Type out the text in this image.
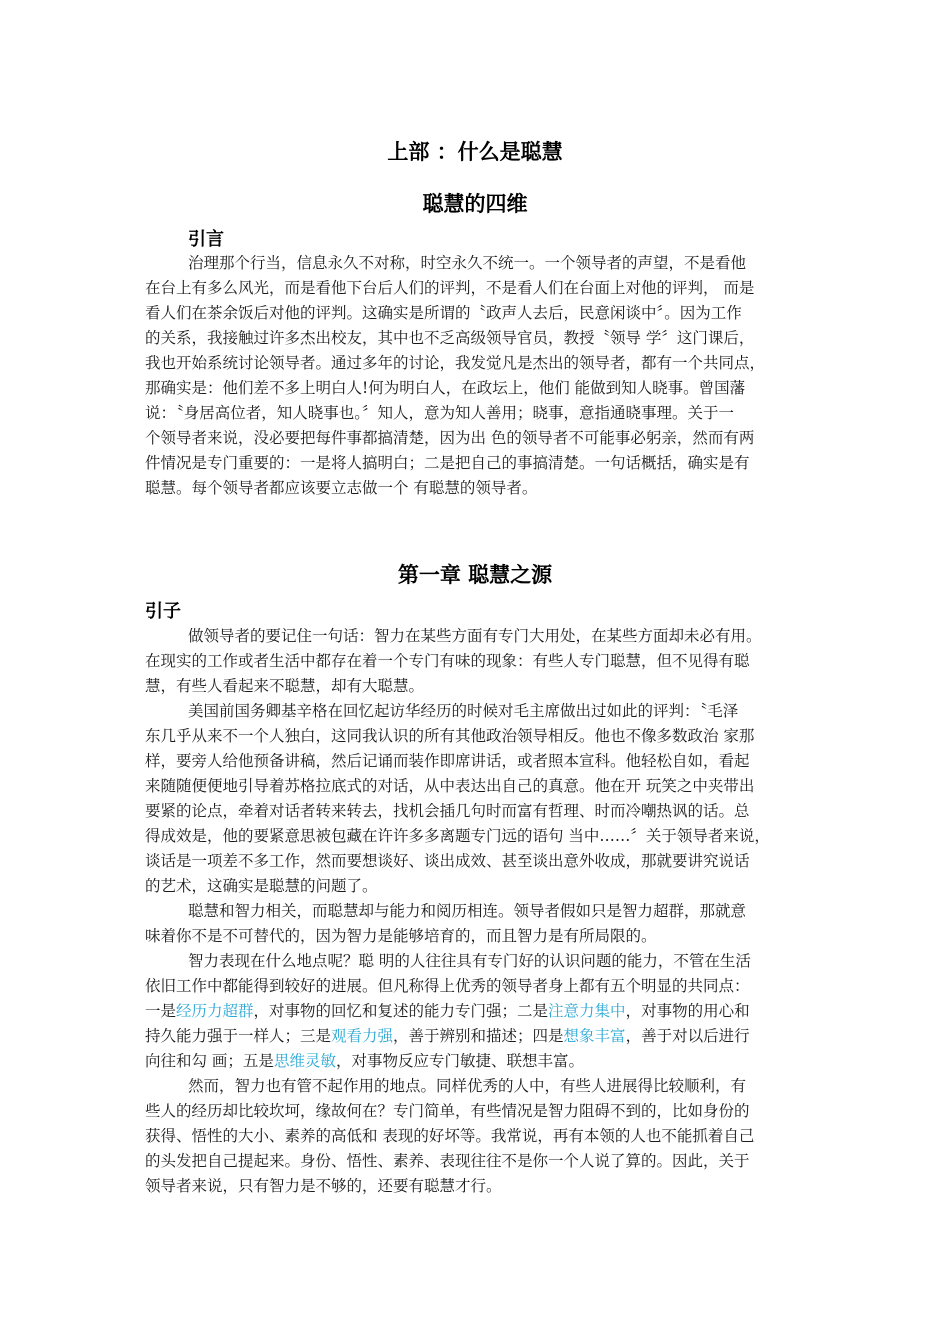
上部 ：什么是聪慧
聪慧的四维
引言
治理那个行当，信息永久不对称，时空永久不统一。一个领导者的声望，不是看他
在台上有多么风光，而是看他下台后人们的评判，不是看人们在台面上对他的评判， 而是
看人们在茶余饭后对他的评判。这确实是所谓的〝政声人去后，民意闲谈中〞。因为工作
的关系，我接触过许多杰出校友，其中也不乏高级领导官员，教授〝领导 学〞这门课后，
我也开始系统讨论领导者。通过多年的讨论，我发觉凡是杰出的领导者，都有一个共同点，
那确实是：他们差不多上明白人!何为明白人，在政坛上，他们 能做到知人晓事。曾国藩
说：〝身居高位者，知人晓事也。〞知人，意为知人善用；晓事，意指通晓事理。关于一
个领导者来说，没必要把每件事都搞清楚，因为出 色的领导者不可能事必躬亲，然而有两
件情况是专门重要的：一是将人搞明白；二是把自己的事搞清楚。一句话概括，确实是有
聪慧。每个领导者都应该要立志做一个 有聪慧的领导者。
第一章 聪慧之源
引子
做领导者的要记住一句话：智力在某些方面有专门大用处，在某些方面却未必有用。
在现实的工作或者生活中都存在着一个专门有味的现象：有些人专门聪慧，但不见得有聪
慧，有些人看起来不聪慧，却有大聪慧。
美国前国务卿基辛格在回忆起访华经历的时候对毛主席做出过如此的评判：〝毛泽
东几乎从来不一个人独白，这同我认识的所有其他政治领导相反。他也不像多数政治 家那
样，要旁人给他预备讲稿，然后记诵而装作即席讲话，或者照本宣科。他轻松自如，看起
来随随便便地引导着苏格拉底式的对话，从中表达出自己的真意。他在开 玩笑之中夹带出
要紧的论点，牵着对话者转来转去，找机会插几句时而富有哲理、时而冷嘲热讽的话。总
得成效是，他的要紧意思被包藏在许许多多离题专门远的语句 当中……〞关于领导者来说，
谈话是一项差不多工作，然而要想谈好、谈出成效、甚至谈出意外收成，那就要讲究说话
的艺术，这确实是聪慧的问题了。
聪慧和智力相关，而聪慧却与能力和阅历相连。领导者假如只是智力超群，那就意
味着你不是不可替代的，因为智力是能够培育的，而且智力是有所局限的。
智力表现在什么地点呢？聪 明的人往往具有专门好的认识问题的能力，不管在生活
依旧工作中都能得到较好的进展。但凡称得上优秀的领导者身上都有五个明显的共同点：
一是经历力超群，对事物的回忆和复述的能力专门强；二是注意力集中，对事物的用心和
持久能力强于一样人；三是观看力强，善于辨别和描述；四是想象丰富，善于对以后进行
向往和勾 画；五是思维灵敏，对事物反应专门敏捷、联想丰富。
然而，智力也有管不起作用的地点。同样优秀的人中，有些人进展得比较顺利，有
些人的经历却比较坎坷，缘故何在？专门简单，有些情况是智力阻碍不到的，比如身份的
获得、悟性的大小、素养的高低和 表现的好坏等。我常说，再有本领的人也不能抓着自己
的头发把自己提起来。身份、悟性、素养、表现往往不是你一个人说了算的。因此，关于
领导者来说，只有智力是不够的，还要有聪慧才行。
